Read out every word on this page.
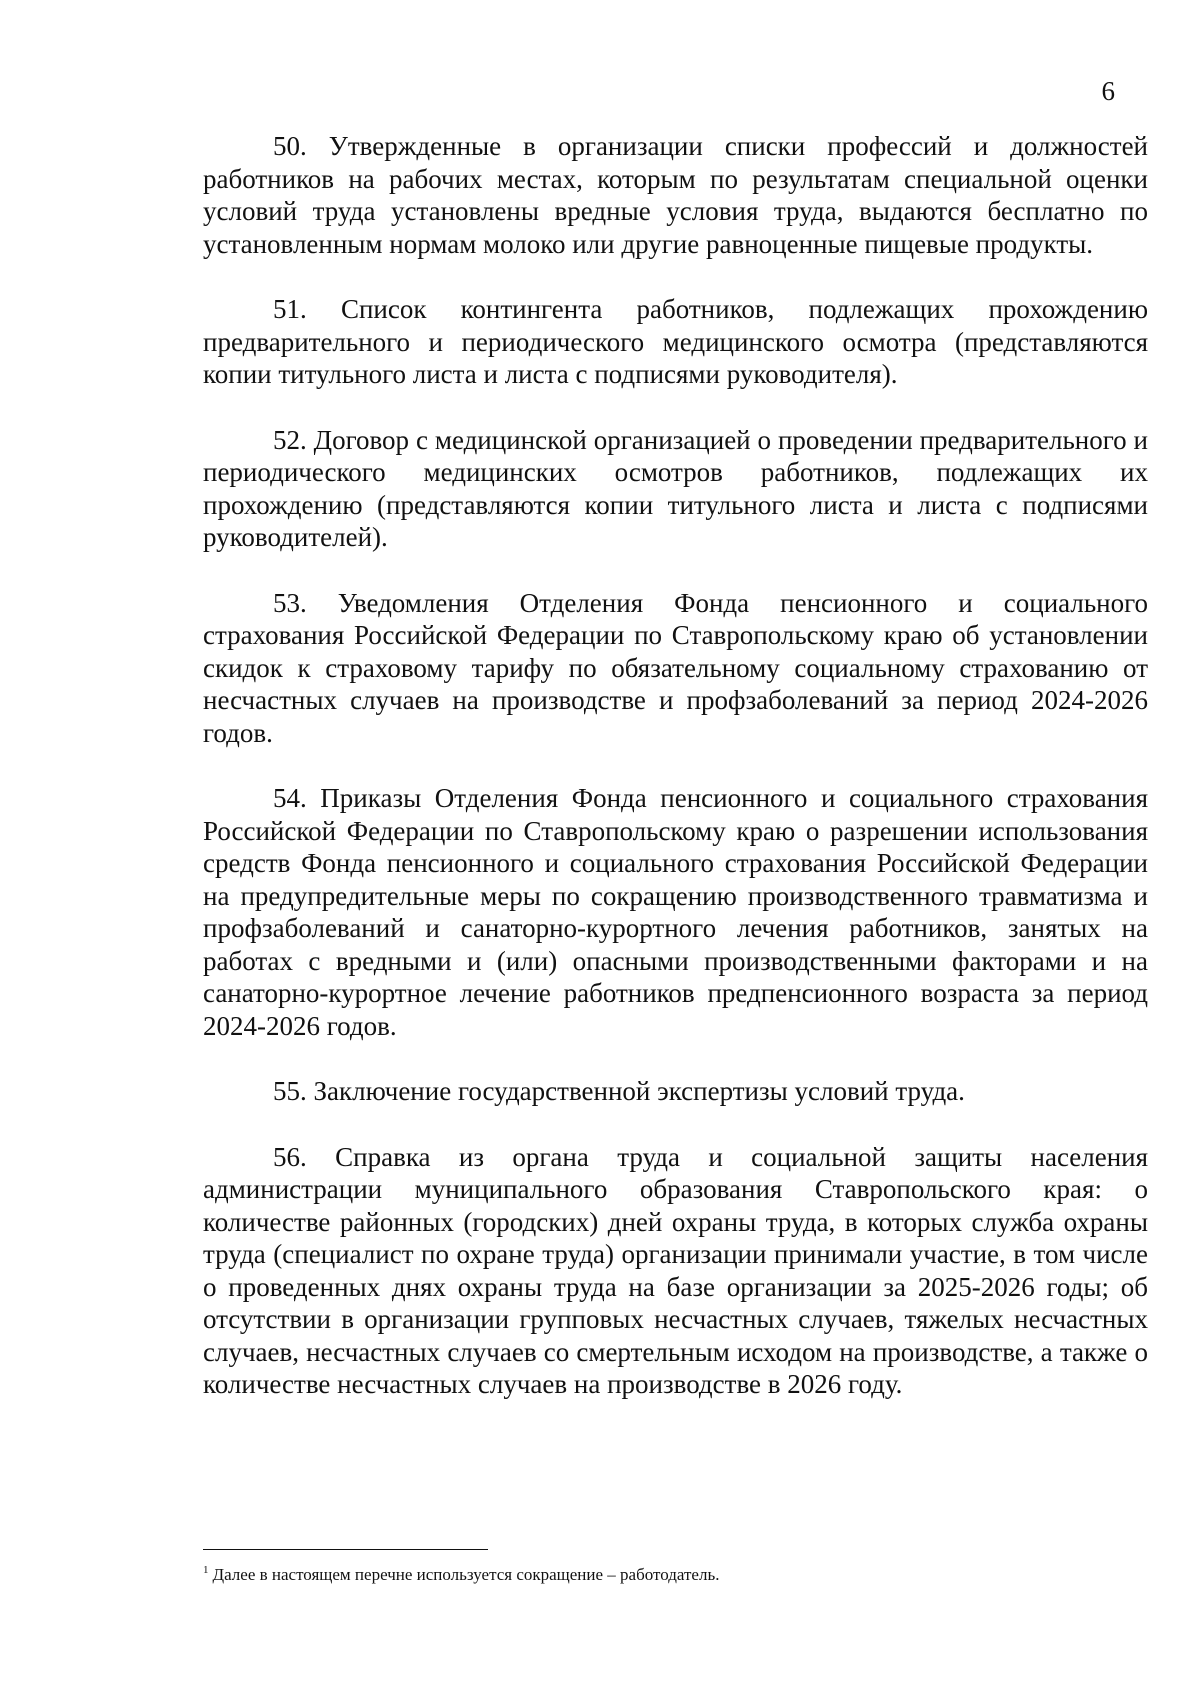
6

50. Утвержденные в организации списки профессий и должностей работников на рабочих местах, которым по результатам специальной оценки условий труда установлены вредные условия труда, выдаются бесплатно по установленным нормам молоко или другие равноценные пищевые продукты.

51. Список контингента работников, подлежащих прохождению предварительного и периодического медицинского осмотра (представляются копии титульного листа и листа с подписями руководителя).

52. Договор с медицинской организацией о проведении предварительного и периодического медицинских осмотров работников, подлежащих их прохождению (представляются копии титульного листа и листа с подписями руководителей).

53. Уведомления Отделения Фонда пенсионного и социального страхования Российской Федерации по Ставропольскому краю об установлении скидок к страховому тарифу по обязательному социальному страхованию от несчастных случаев на производстве и профзаболеваний за период 2024-2026 годов.

54. Приказы Отделения Фонда пенсионного и социального страхования Российской Федерации по Ставропольскому краю о разрешении использования средств Фонда пенсионного и социального страхования Российской Федерации на предупредительные меры по сокращению производственного травматизма и профзаболеваний и санаторно-курортного лечения работников, занятых на работах с вредными и (или) опасными производственными факторами и на санаторно-курортное лечение работников предпенсионного возраста за период 2024-2026 годов.

55. Заключение государственной экспертизы условий труда.

56. Справка из органа труда и социальной защиты населения администрации муниципального образования Ставропольского края: о количестве районных (городских) дней охраны труда, в которых служба охраны труда (специалист по охране труда) организации принимали участие, в том числе о проведенных днях охраны труда на базе организации за 2025-2026 годы; об отсутствии в организации групповых несчастных случаев, тяжелых несчастных случаев, несчастных случаев со смертельным исходом на производстве, а также о количестве несчастных случаев на производстве в 2026 году.

$^1$ Далее в настоящем перечне используется сокращение – работодатель.
